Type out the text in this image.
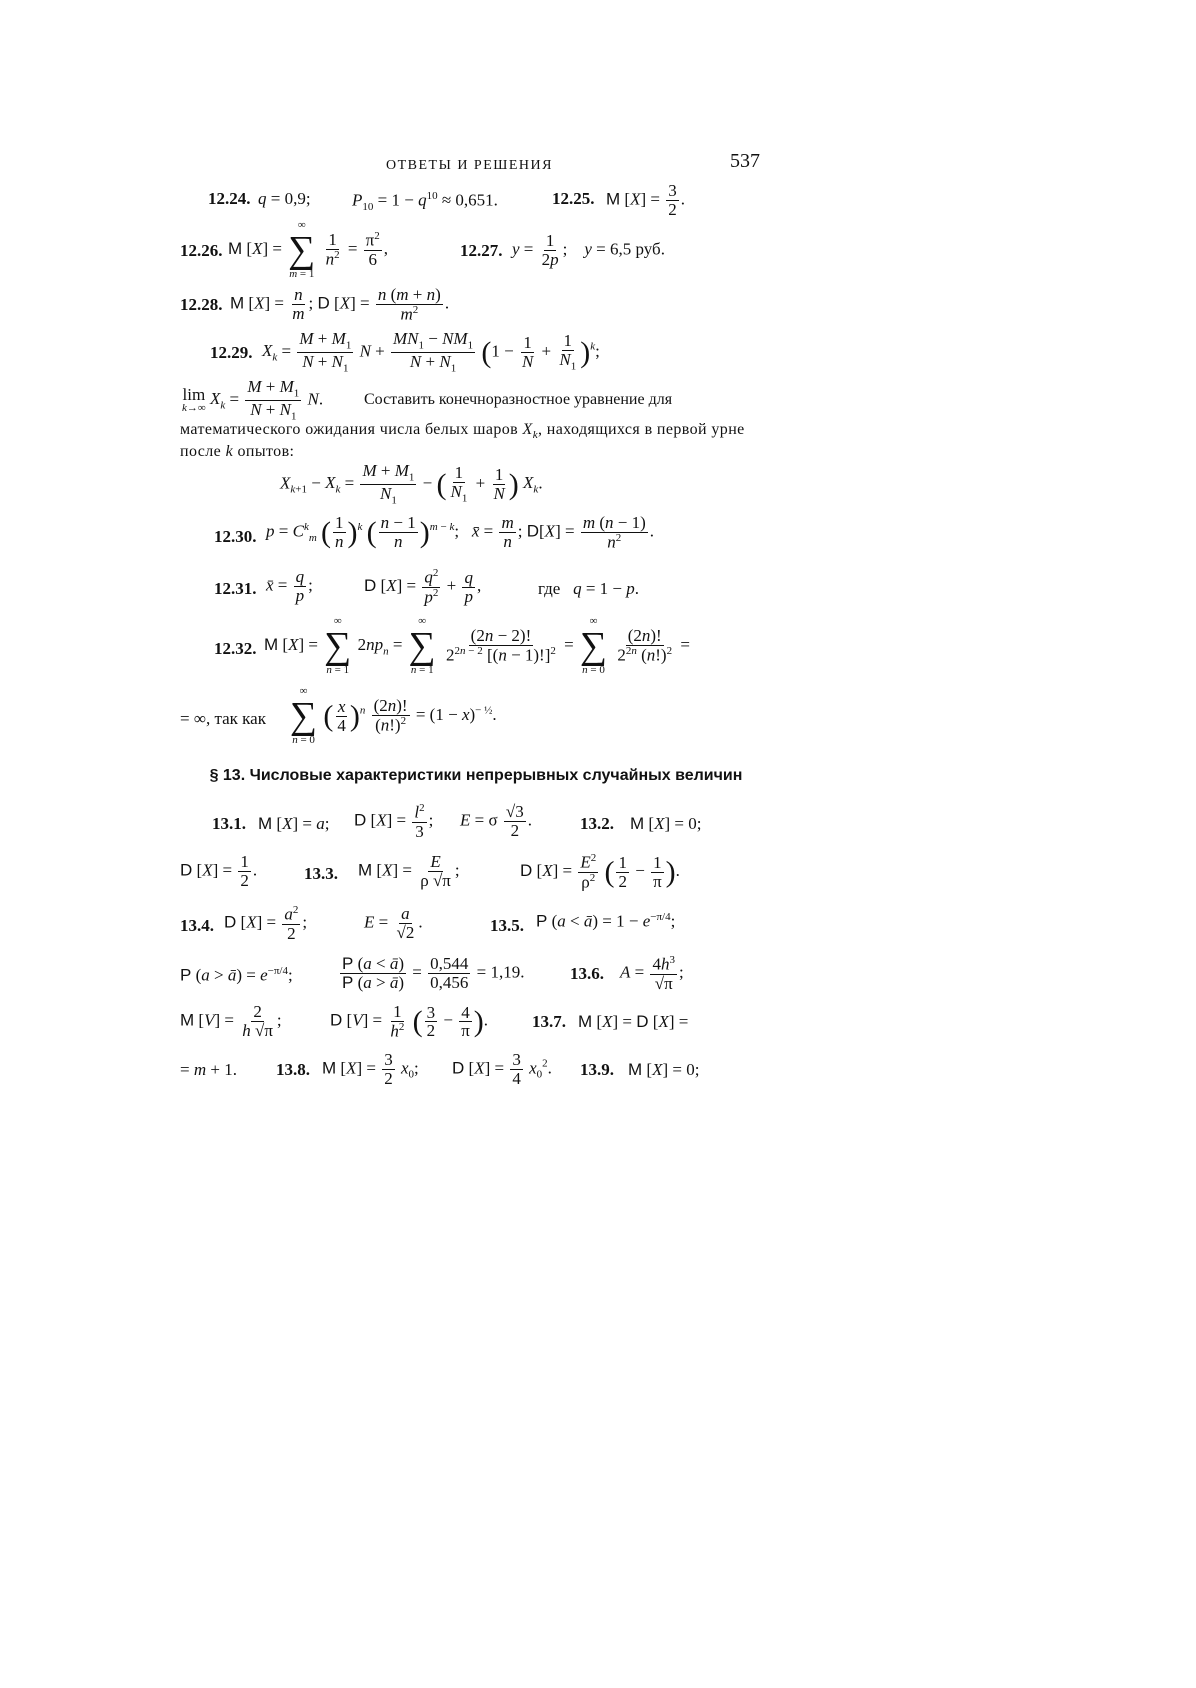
ОТВЕТЫ И РЕШЕНИЯ	537
12.24. q = 0,9; $P_{10} = 1 - q^{10} \approx 0,651$.	12.25. M $[X] = \frac{3}{2}$ .
12.26. M [X] =
∞
∑
m = 1

$\frac{1}{n^2} = \frac{\pi^2}{6}$ ,	12.27. $y = \frac{1}{2p}$ ;    y = 6,5 руб.
12.28. M $[X] = \frac{n}{m}$ ; D $[X] = \frac{n (m + n)}{m^2}$ .
12.29. $X_k = \frac{M + M_1}{N + N_1}$ $N + \frac{MN_1 - NM_1}{N + N_1} (1 - \frac{1}{N} + \frac{1}{N_1} )^k$;
lim
k→∞
$X_k = \frac{M + M_1}{N + N_1} N$.	Составить конечноразностное уравнение для
математического ожидания числа белых шаров $X_k$, находящихся в первой урне после k опытов:
$X_{k+1} - X_k = \frac{M + M_1}{N_1}$ − ( $\frac{1}{N_1} + \frac{1}{N}$ ) $X_k$.
12.30. $p = C^k_m$ ( $\frac{1}{n} )^k$ ( $\frac{n - 1}{n} )^{m - k}$;   x̄ = $\frac{m}{n}$ ; $D[X] = \frac{m (n - 1)}{n^2}$ .
12.31. x̄ = $\frac{q}{p}$ ;	D $[X] = \frac{q^2}{p^2} + \frac{q}{p}$ ,	где   q = 1 − p.
12.32. M [X] =
∞
∑
n = 1
$2np_n$ =
∞
∑
n = 1

$\frac{(2n - 2)!}{2^{2n - 2} [(n - 1)!]^2}$ =
∞
∑
n = 0

$\frac{(2n)!}{2^{2n} (n!)^2}$ =
= ∞, так как
∞
∑
n = 0
( $\frac{x}{4} )^n \frac{(2n)!}{(n!)^2} = (1 - x)^{- \frac{1}{2}}$.
§ 13. Числовые характеристики непрерывных случайных величин
13.1. M [X] = a; D $[X] = \frac{l^2}{3}$ ; E = σ $\frac{√3}{2}$ .	13.2. M [X] = 0;
D $[X] = \frac{1}{2}$ .	13.3. M $[X] = \frac{E}{\rho √\pi}$ ;	D $[X] = \frac{E^2}{\rho^2}$ ( $\frac{1}{2} - \frac{1}{\pi}$ ).
13.4. D $[X] = \frac{a^2}{2}$ ;	$E = \frac{a}{√2}$ .	13.5. P (a < ā) = $1 - e^{-\pi/4}$;
P (a > ā) = $e^{-\pi/4}$;	$\frac{P (a < ā)}{P (a > ā)} = \frac{0,544}{0,456} = 1,19$.	13.6. $A = \frac{4h^3}{√\pi}$ ;
M $[V] = \frac{2}{h √\pi}$ ;	D $[V] = \frac{1}{h^2}$ ( $\frac{3}{2} - \frac{4}{\pi}$ ).	13.7. M [X] = D [X] =
= m + 1. 13.8. M $[X] = \frac{3}{2} x_0$; D $[X] = \frac{3}{4} x_0^2$. 13.9. M [X] = 0;
